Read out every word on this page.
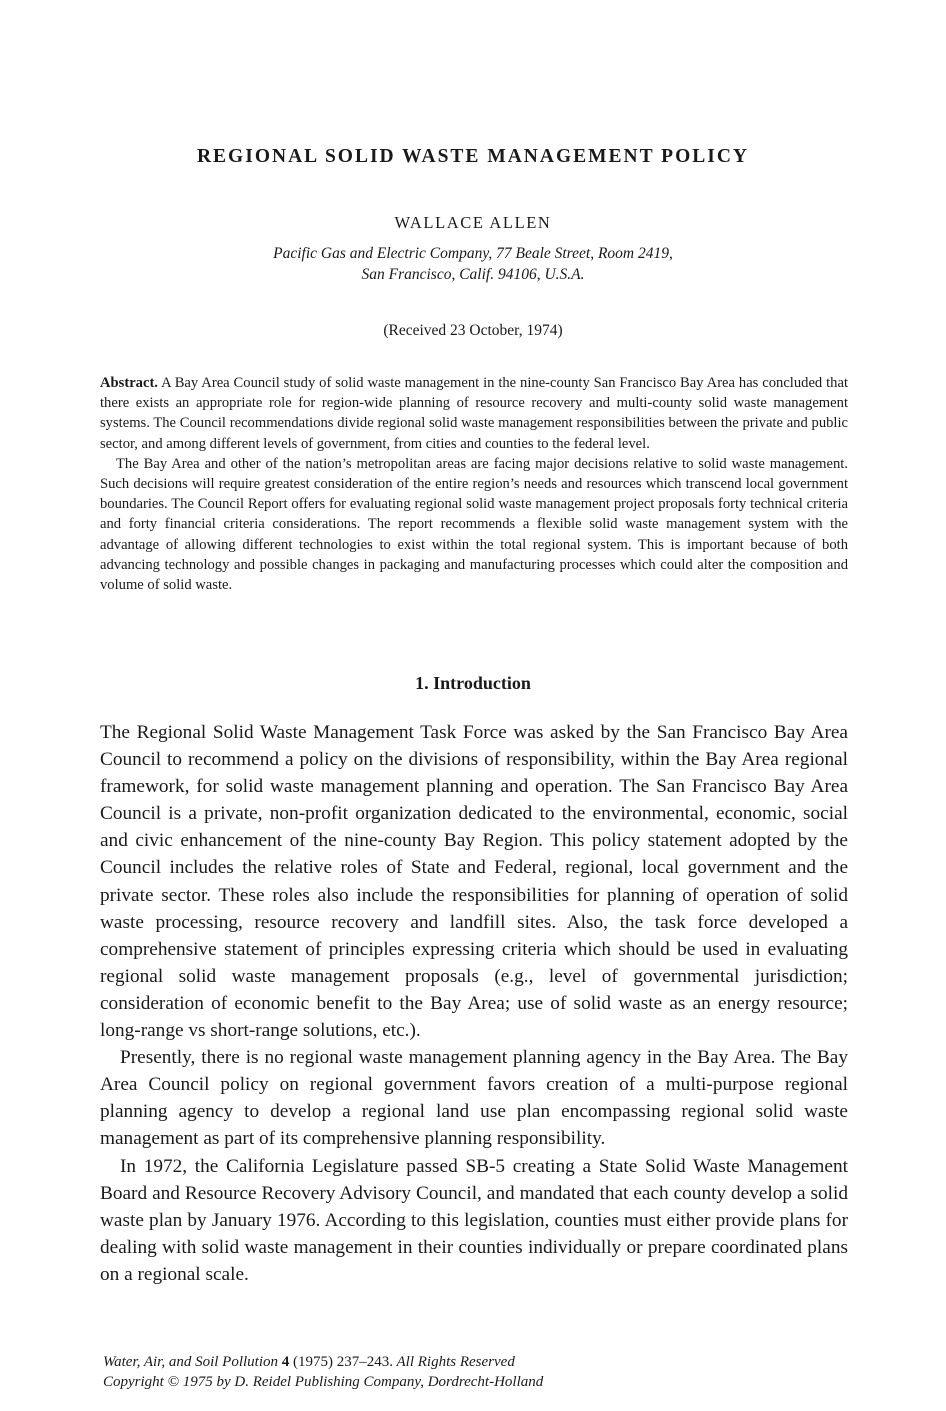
REGIONAL SOLID WASTE MANAGEMENT POLICY
WALLACE ALLEN
Pacific Gas and Electric Company, 77 Beale Street, Room 2419,
San Francisco, Calif. 94106, U.S.A.
(Received 23 October, 1974)

Abstract. A Bay Area Council study of solid waste management in the nine-county San Francisco Bay Area has concluded that there exists an appropriate role for region-wide planning of resource recovery and multi-county solid waste management systems. The Council recommendations divide regional solid waste management responsibilities between the private and public sector, and among different levels of government, from cities and counties to the federal level.

The Bay Area and other of the nation’s metropolitan areas are facing major decisions relative to solid waste management. Such decisions will require greatest consideration of the entire region’s needs and resources which transcend local government boundaries. The Council Report offers for evaluating regional solid waste management project proposals forty technical criteria and forty financial criteria considerations. The report recommends a flexible solid waste management system with the advantage of allowing different technologies to exist within the total regional system. This is important because of both advancing technology and possible changes in packaging and manufacturing processes which could alter the composition and volume of solid waste.

1. Introduction

The Regional Solid Waste Management Task Force was asked by the San Francisco Bay Area Council to recommend a policy on the divisions of responsibility, within the Bay Area regional framework, for solid waste management planning and operation. The San Francisco Bay Area Council is a private, non-profit organization dedicated to the environmental, economic, social and civic enhancement of the nine-county Bay Region. This policy statement adopted by the Council includes the relative roles of State and Federal, regional, local government and the private sector. These roles also include the responsibilities for planning of operation of solid waste processing, resource recovery and landfill sites. Also, the task force developed a comprehensive statement of principles expressing criteria which should be used in evaluating regional solid waste management proposals (e.g., level of governmental jurisdiction; consideration of economic benefit to the Bay Area; use of solid waste as an energy resource; long-range vs short-range solutions, etc.).

Presently, there is no regional waste management planning agency in the Bay Area. The Bay Area Council policy on regional government favors creation of a multi-purpose regional planning agency to develop a regional land use plan encompassing regional solid waste management as part of its comprehensive planning responsibility.

In 1972, the California Legislature passed SB-5 creating a State Solid Waste Management Board and Resource Recovery Advisory Council, and mandated that each county develop a solid waste plan by January 1976. According to this legislation, counties must either provide plans for dealing with solid waste management in their counties individually or prepare coordinated plans on a regional scale.

Water, Air, and Soil Pollution 4 (1975) 237–243. All Rights Reserved
Copyright © 1975 by D. Reidel Publishing Company, Dordrecht-Holland
